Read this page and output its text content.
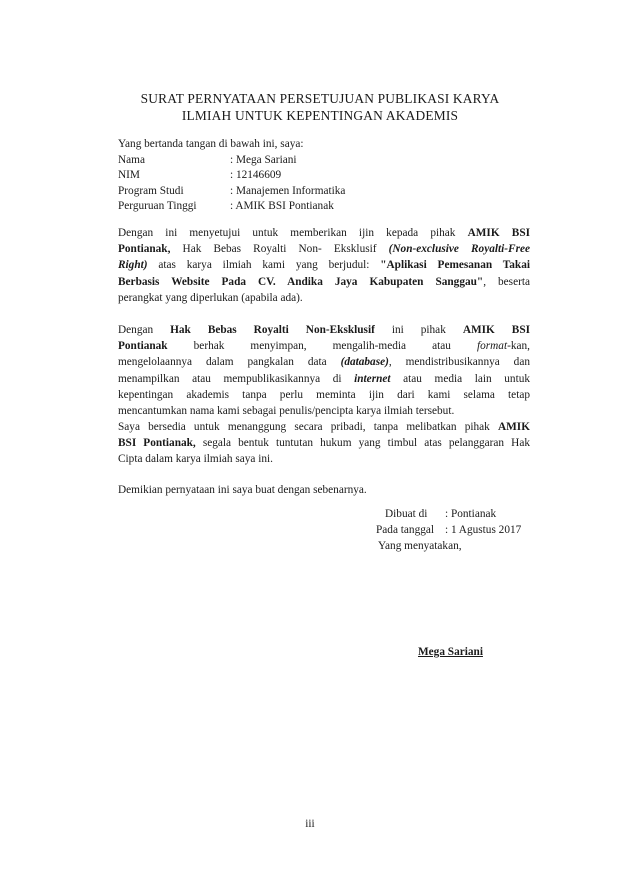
SURAT PERNYATAAN PERSETUJUAN PUBLIKASI KARYA
ILMIAH UNTUK KEPENTINGAN AKADEMIS
Yang bertanda tangan di bawah ini, saya:
Nama	: Mega Sariani
NIM	: 12146609
Program Studi	: Manajemen Informatika
Perguruan Tinggi	: AMIK BSI Pontianak
Dengan ini menyetujui untuk memberikan ijin kepada pihak AMIK BSI
Pontianak, Hak Bebas Royalti Non- Eksklusif (Non-exclusive Royalti-Free
Right) atas karya ilmiah kami yang berjudul: "Aplikasi Pemesanan Takai
Berbasis Website Pada CV. Andika Jaya Kabupaten Sanggau", beserta
perangkat yang diperlukan (apabila ada).
Dengan Hak Bebas Royalti Non-Eksklusif ini pihak AMIK BSI
Pontianak berhak menyimpan, mengalih-media atau format-kan,
mengelolaannya dalam pangkalan data (database), mendistribusikannya dan
menampilkan atau mempublikasikannya di internet atau media lain untuk
kepentingan akademis tanpa perlu meminta ijin dari kami selama tetap
mencantumkan nama kami sebagai penulis/pencipta karya ilmiah tersebut.
Saya bersedia untuk menanggung secara pribadi, tanpa melibatkan pihak AMIK
BSI Pontianak, segala bentuk tuntutan hukum yang timbul atas pelanggaran Hak
Cipta dalam karya ilmiah saya ini.
Demikian pernyataan ini saya buat dengan sebenarnya.
Dibuat di : Pontianak
Pada tanggal : 1 Agustus 2017
Yang menyatakan,
Mega Sariani
iii
